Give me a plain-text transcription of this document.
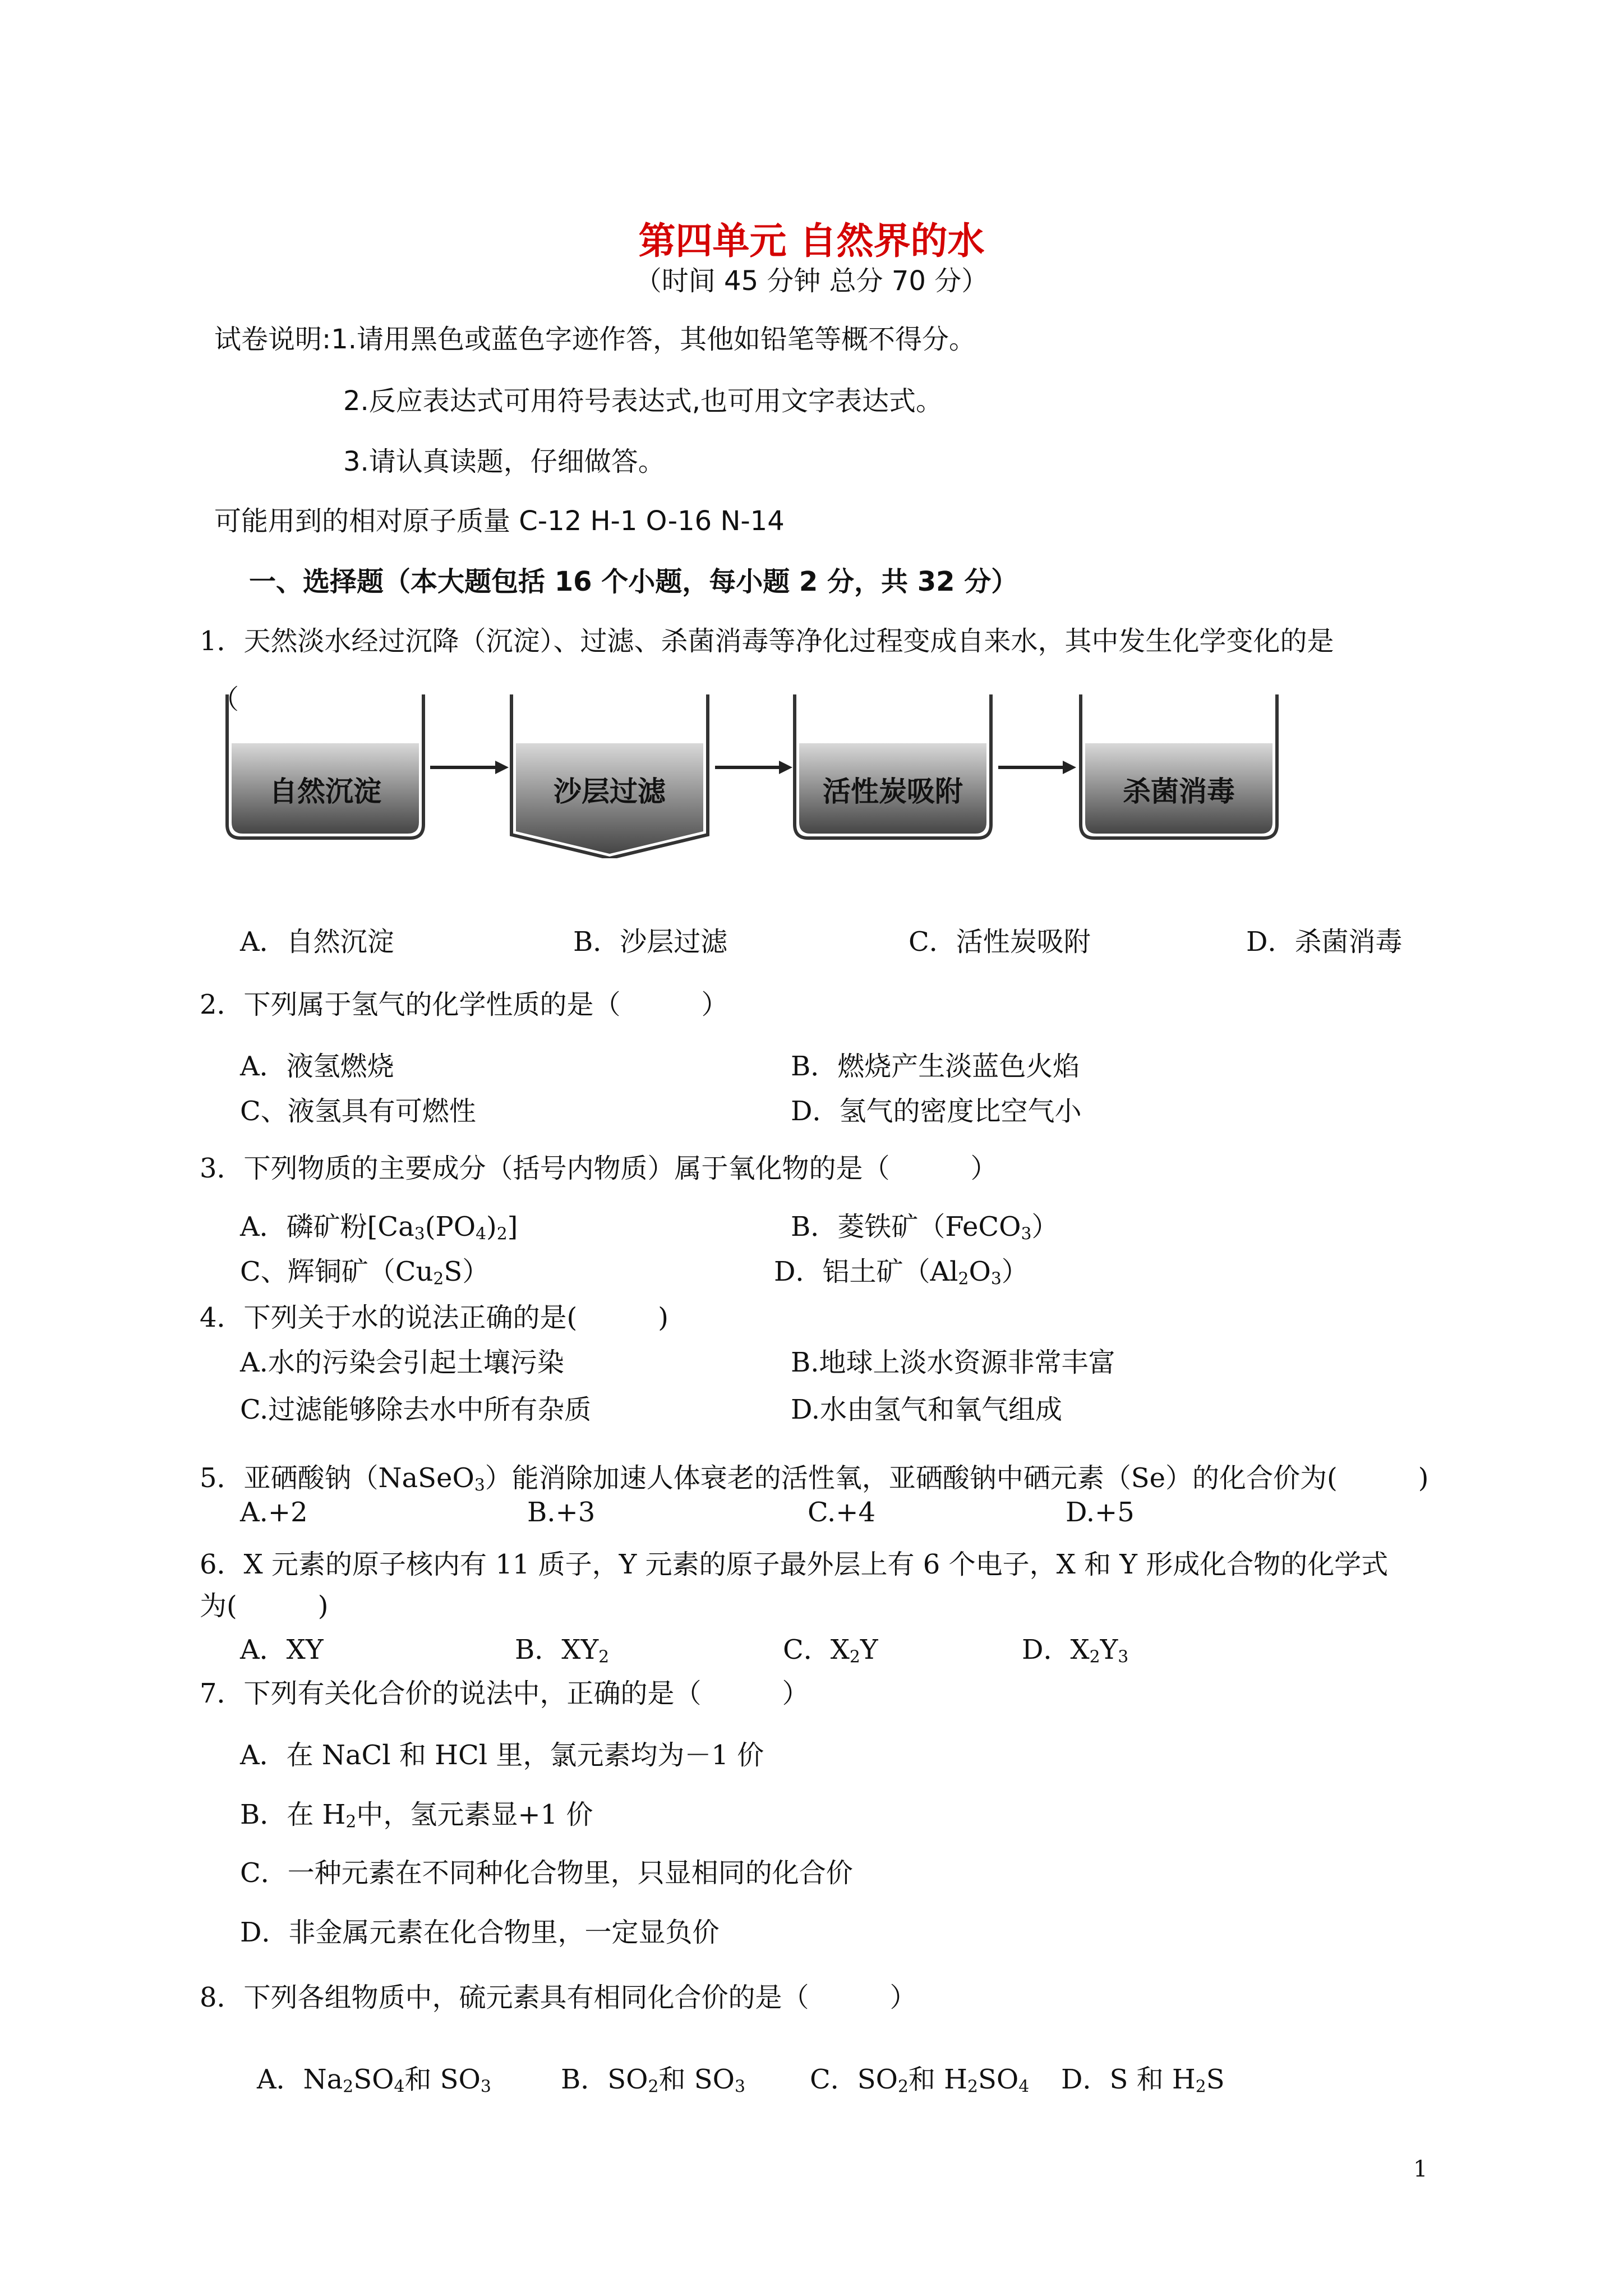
第四单元 自然界的水
（时间 45 分钟 总分 70 分）
试卷说明:1.请用黑色或蓝色字迹作答，其他如铅笔等概不得分。
2.反应表达式可用符号表达式,也可用文字表达式。
3.请认真读题，仔细做答。
可能用到的相对原子质量 C-12 H-1 O-16 N-14
一、选择题（本大题包括 16 个小题，每小题 2 分，共 32 分）
1．天然淡水经过沉降（沉淀）、过滤、杀菌消毒等净化过程变成自来水，其中发生化学变化的是
（
自然沉淀	沙层过滤	活性炭吸附	杀菌消毒
A．自然沉淀	B．沙层过滤	C．活性炭吸附	D．杀菌消毒
2．下列属于氢气的化学性质的是（　　　）
A．液氢燃烧	B．燃烧产生淡蓝色火焰
C、液氢具有可燃性	D．氢气的密度比空气小
3．下列物质的主要成分（括号内物质）属于氧化物的是（　　　）
A．磷矿粉$[Ca_3(PO_4)_2]$	B．菱铁矿（FeCO$_3$）
C、辉铜矿$(Cu_2S)$	D．铝土矿$(Al_2O_3)$
4．下列关于水的说法正确的是(　　　)
A.水的污染会引起土壤污染	B.地球上淡水资源非常丰富
C.过滤能够除去水中所有杂质	D.水由氢气和氧气组成
5．亚硒酸钠（NaSeO$_3$）能消除加速人体衰老的活性氧，亚硒酸钠中硒元素（Se）的化合价为(　　　)
A.+2	B.+3	C.+4	D.+5
6．X 元素的原子核内有 11 质子，Y 元素的原子最外层上有 6 个电子，X 和 Y 形成化合物的化学式
为(　　　)
A．XY	B．$XY_2$	C．$X_2Y$	D．$X_2Y_3$
7．下列有关化合价的说法中，正确的是（　　　）
A．在 NaCl 和 HCl 里，氯元素均为－1 价
B．在 $H_2$中，氢元素显+1 价
C．一种元素在不同种化合物里，只显相同的化合价
D．非金属元素在化合物里，一定显负价
8．下列各组物质中，硫元素具有相同化合价的是（　　　）
A．$Na_2SO_4$和 $SO_3$	B．$SO_2$和 $SO_3$ C．$SO_2$和 $H_2SO_4$ D．S 和 $H_2S$
1
